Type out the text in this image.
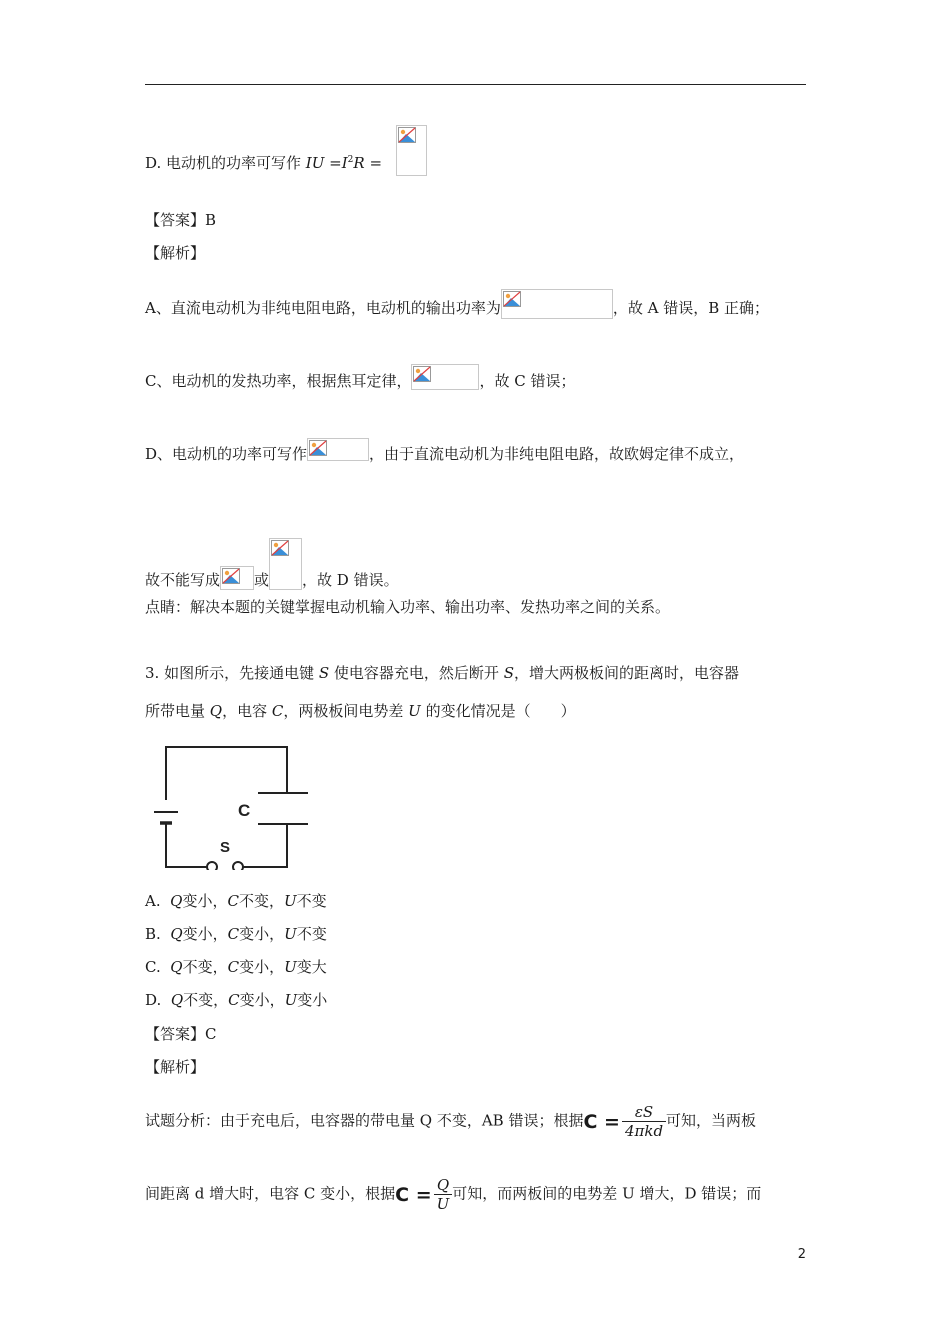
D. 电动机的功率可写作 IU $=I^2R$ =
【答案】B
【解析】
A、直流电动机为非纯电阻电路，电动机的输出功率为	，故 A 错误，B 正确；
C、电动机的发热功率，根据焦耳定律，	，故 C 错误；
D、电动机的功率可写作	，由于直流电动机为非纯电阻电路，故欧姆定律不成立，
故不能写成 或 ，故 D 错误。
点睛：解决本题的关键掌握电动机输入功率、输出功率、发热功率之间的关系。
3. 如图所示，先接通电键 S 使电容器充电，然后断开 S，增大两极板间的距离时，电容器
所带电量 Q，电容 C，两极板间电势差 U 的变化情况是（　　）
C
S
A. Q变小，C不变，U不变
B. Q变小，C变小，U不变
C. Q不变，C变小，U变大
D. Q不变，C变小，U变小
【答案】C
【解析】
试题分析：由于充电后，电容器的带电量 Q 不变，AB 错误；根据$C = \frac{\varepsilon S}{\text{4πkd}}$ 可知，当两板
间距离 d 增大时，电容 C 变小，根据$C = \frac{Q}{U}$ 可知，而两板间的电势差 U 增大，D 错误；而
2
